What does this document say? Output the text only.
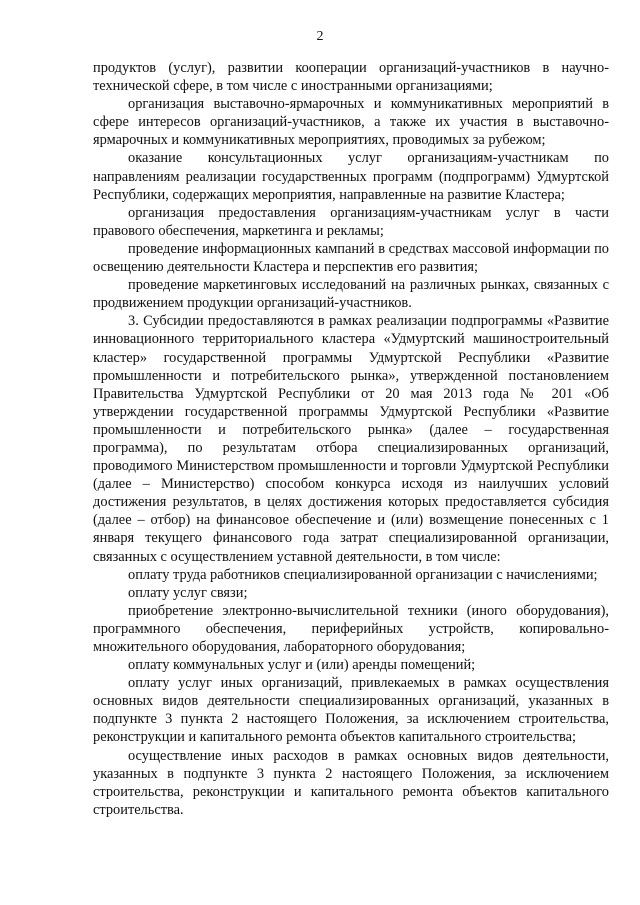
2

продуктов (услуг), развитии кооперации организаций-участников в научно-технической сфере, в том числе с иностранными организациями;

организация выставочно-ярмарочных и коммуникативных мероприятий в сфере интересов организаций-участников, а также их участия в выставочно-ярмарочных и коммуникативных мероприятиях, проводимых за рубежом;

оказание консультационных услуг организациям-участникам по направлениям реализации государственных программ (подпрограмм) Удмуртской Республики, содержащих мероприятия, направленные на развитие Кластера;

организация предоставления организациям-участникам услуг в части правового обеспечения, маркетинга и рекламы;

проведение информационных кампаний в средствах массовой информации по освещению деятельности Кластера и перспектив его развития;

проведение маркетинговых исследований на различных рынках, связанных с продвижением продукции организаций-участников.

3. Субсидии предоставляются в рамках реализации подпрограммы «Развитие инновационного территориального кластера «Удмуртский машиностроительный кластер» государственной программы Удмуртской Республики «Развитие промышленности и потребительского рынка», утвержденной постановлением Правительства Удмуртской Республики от 20 мая 2013 года № 201 «Об утверждении государственной программы Удмуртской Республики «Развитие промышленности и потребительского рынка» (далее – государственная программа), по результатам отбора специализированных организаций, проводимого Министерством промышленности и торговли Удмуртской Республики (далее – Министерство) способом конкурса исходя из наилучших условий достижения результатов, в целях достижения которых предоставляется субсидия (далее – отбор) на финансовое обеспечение и (или) возмещение понесенных с 1 января текущего финансового года затрат специализированной организации, связанных с осуществлением уставной деятельности, в том числе:

оплату труда работников специализированной организации с начислениями;

оплату услуг связи;

приобретение электронно-вычислительной техники (иного оборудования), программного обеспечения, периферийных устройств, копировально-множительного оборудования, лабораторного оборудования;

оплату коммунальных услуг и (или) аренды помещений;

оплату услуг иных организаций, привлекаемых в рамках осуществления основных видов деятельности специализированных организаций, указанных в подпункте 3 пункта 2 настоящего Положения, за исключением строительства, реконструкции и капитального ремонта объектов капитального строительства;

осуществление иных расходов в рамках основных видов деятельности, указанных в подпункте 3 пункта 2 настоящего Положения, за исключением строительства, реконструкции и капитального ремонта объектов капитального строительства.
